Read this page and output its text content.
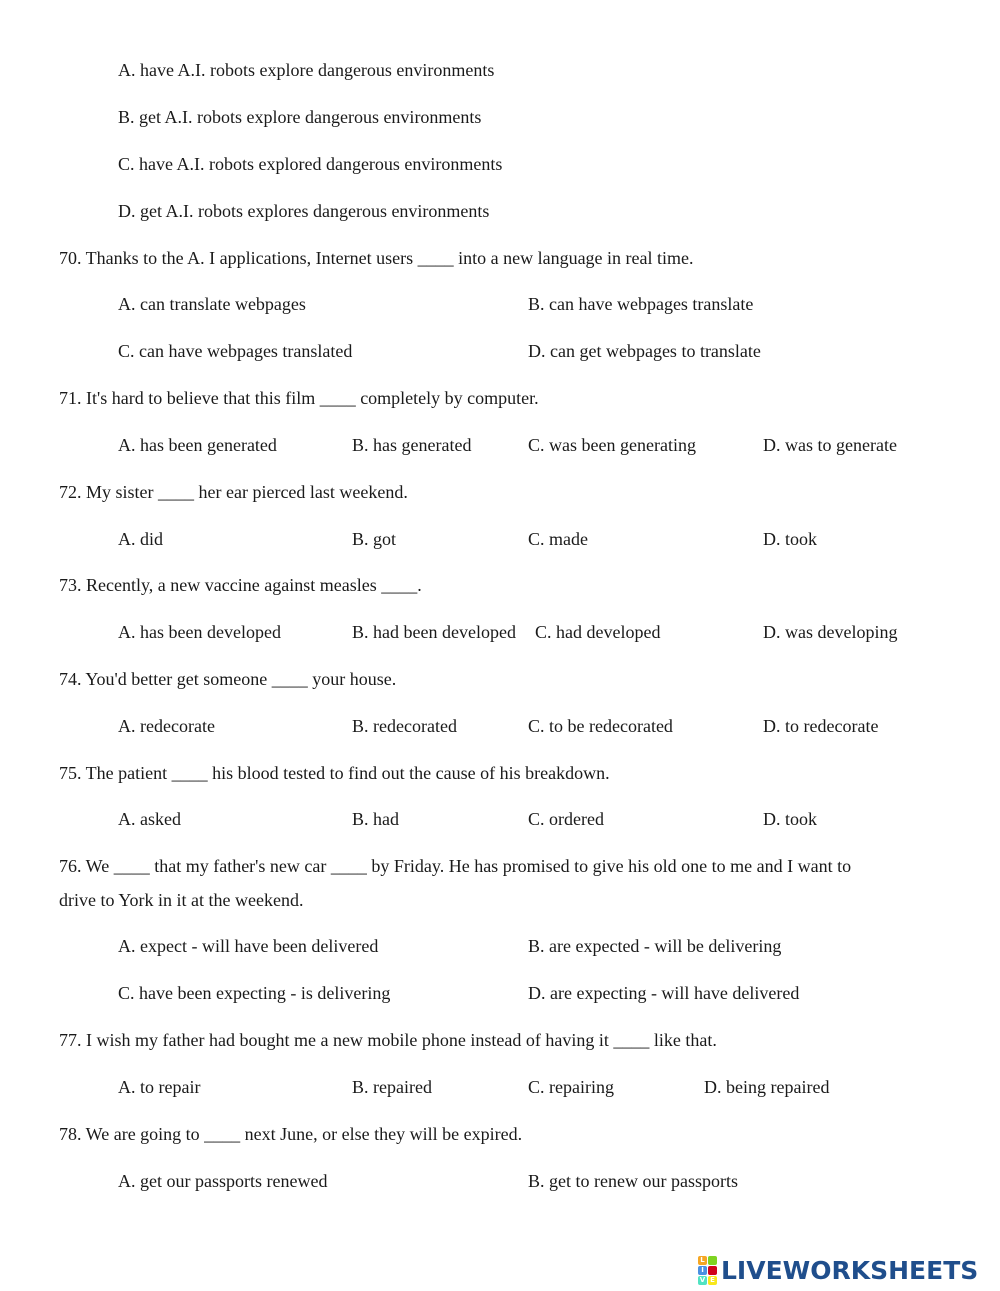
A. have A.I. robots explore dangerous environments
B. get A.I. robots explore dangerous environments
C. have A.I. robots explored dangerous environments
D. get A.I. robots explores dangerous environments
70. Thanks to the A. I applications, Internet users ____ into a new language in real time.
A. can translate webpages	B. can have webpages translate
C. can have webpages translated	D. can get webpages to translate
71. It's hard to believe that this film ____ completely by computer.
A. has been generated	B. has generated	C. was been generating	D. was to generate
72. My sister ____ her ear pierced last weekend.
A. did	B. got	C. made	D. took
73. Recently, a new vaccine against measles ____.
A. has been developed	B. had been developed C. had developed	D. was developing
74. You'd better get someone ____ your house.
A. redecorate	B. redecorated	C. to be redecorated	D. to redecorate
75. The patient ____ his blood tested to find out the cause of his breakdown.
A. asked	B. had	C. ordered	D. took
76. We ____ that my father's new car ____ by Friday. He has promised to give his old one to me and I want to
drive to York in it at the weekend.
A. expect - will have been delivered	B. are expected - will be delivering
C. have been expecting - is delivering	D. are expecting - will have delivered
77. I wish my father had bought me a new mobile phone instead of having it ____ like that.
A. to repair	B. repaired	C. repairing	D. being repaired
78. We are going to ____ next June, or else they will be expired.
A. get our passports renewed	B. get to renew our passports
L
I
V E LIVEWORKSHEETS
